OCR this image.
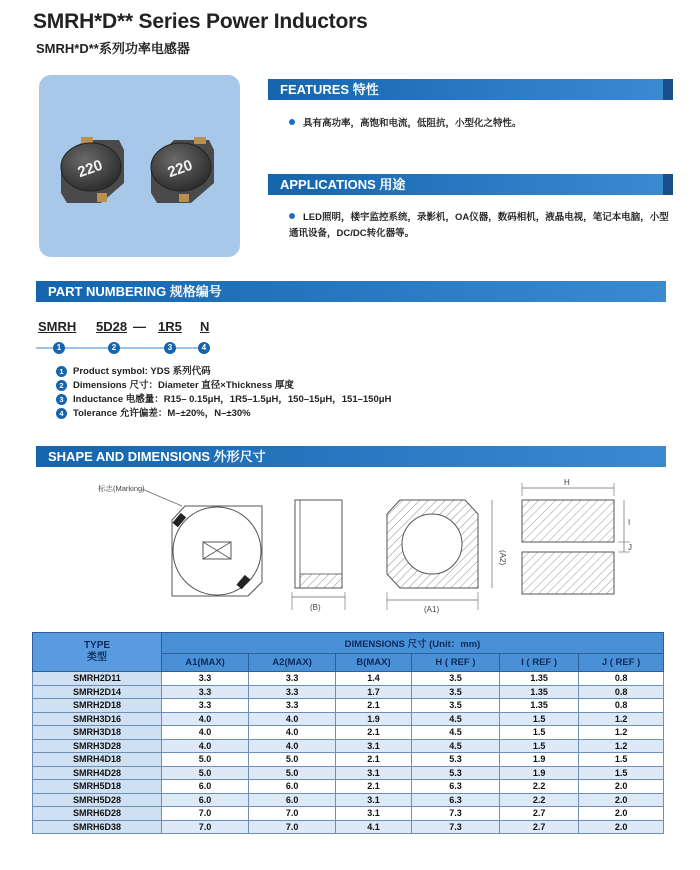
SMRH*D** Series Power Inductors
SMRH*D**系列功率电感器
220	220
FEATURES 特性
具有高功率，高饱和电流，低阻抗，小型化之特性。
APPLICATIONS 用途
LED照明，楼宇监控系统，录影机，OA仪器，数码相机，液晶电视，笔记本电脑，小型通讯设备，DC/DC转化器等。
PART NUMBERING 规格编号
SMRH 5D28 — 1R5 N
1	2	3	4
1 Product symbol: YDS 系列代码
2 Dimensions 尺寸：Diameter 直径×Thickness 厚度
3 Inductance 电感量：R15– 0.15μH，1R5–1.5μH，150–15μH，151–150μH
4 Tolerance 允许偏差：M–±20%，N–±30%
SHAPE AND DIMENSIONS 外形尺寸
标志(Marking)
(B)	(A1)
(A2)
H
I
J
TYPE
类型	DIMENSIONS 尺寸 (Unit：mm)					
	A1(MAX)	A2(MAX)	B(MAX)	H ( REF )	I ( REF )	J ( REF )
SMRH2D11	3.3	3.3	1.4	3.5	1.35	0.8
SMRH2D14	3.3	3.3	1.7	3.5	1.35	0.8
SMRH2D18	3.3	3.3	2.1	3.5	1.35	0.8
SMRH3D16	4.0	4.0	1.9	4.5	1.5	1.2
SMRH3D18	4.0	4.0	2.1	4.5	1.5	1.2
SMRH3D28	4.0	4.0	3.1	4.5	1.5	1.2
SMRH4D18	5.0	5.0	2.1	5.3	1.9	1.5
SMRH4D28	5.0	5.0	3.1	5.3	1.9	1.5
SMRH5D18	6.0	6.0	2.1	6.3	2.2	2.0
SMRH5D28	6.0	6.0	3.1	6.3	2.2	2.0
SMRH6D28	7.0	7.0	3.1	7.3	2.7	2.0
SMRH6D38	7.0	7.0	4.1	7.3	2.7	2.0
